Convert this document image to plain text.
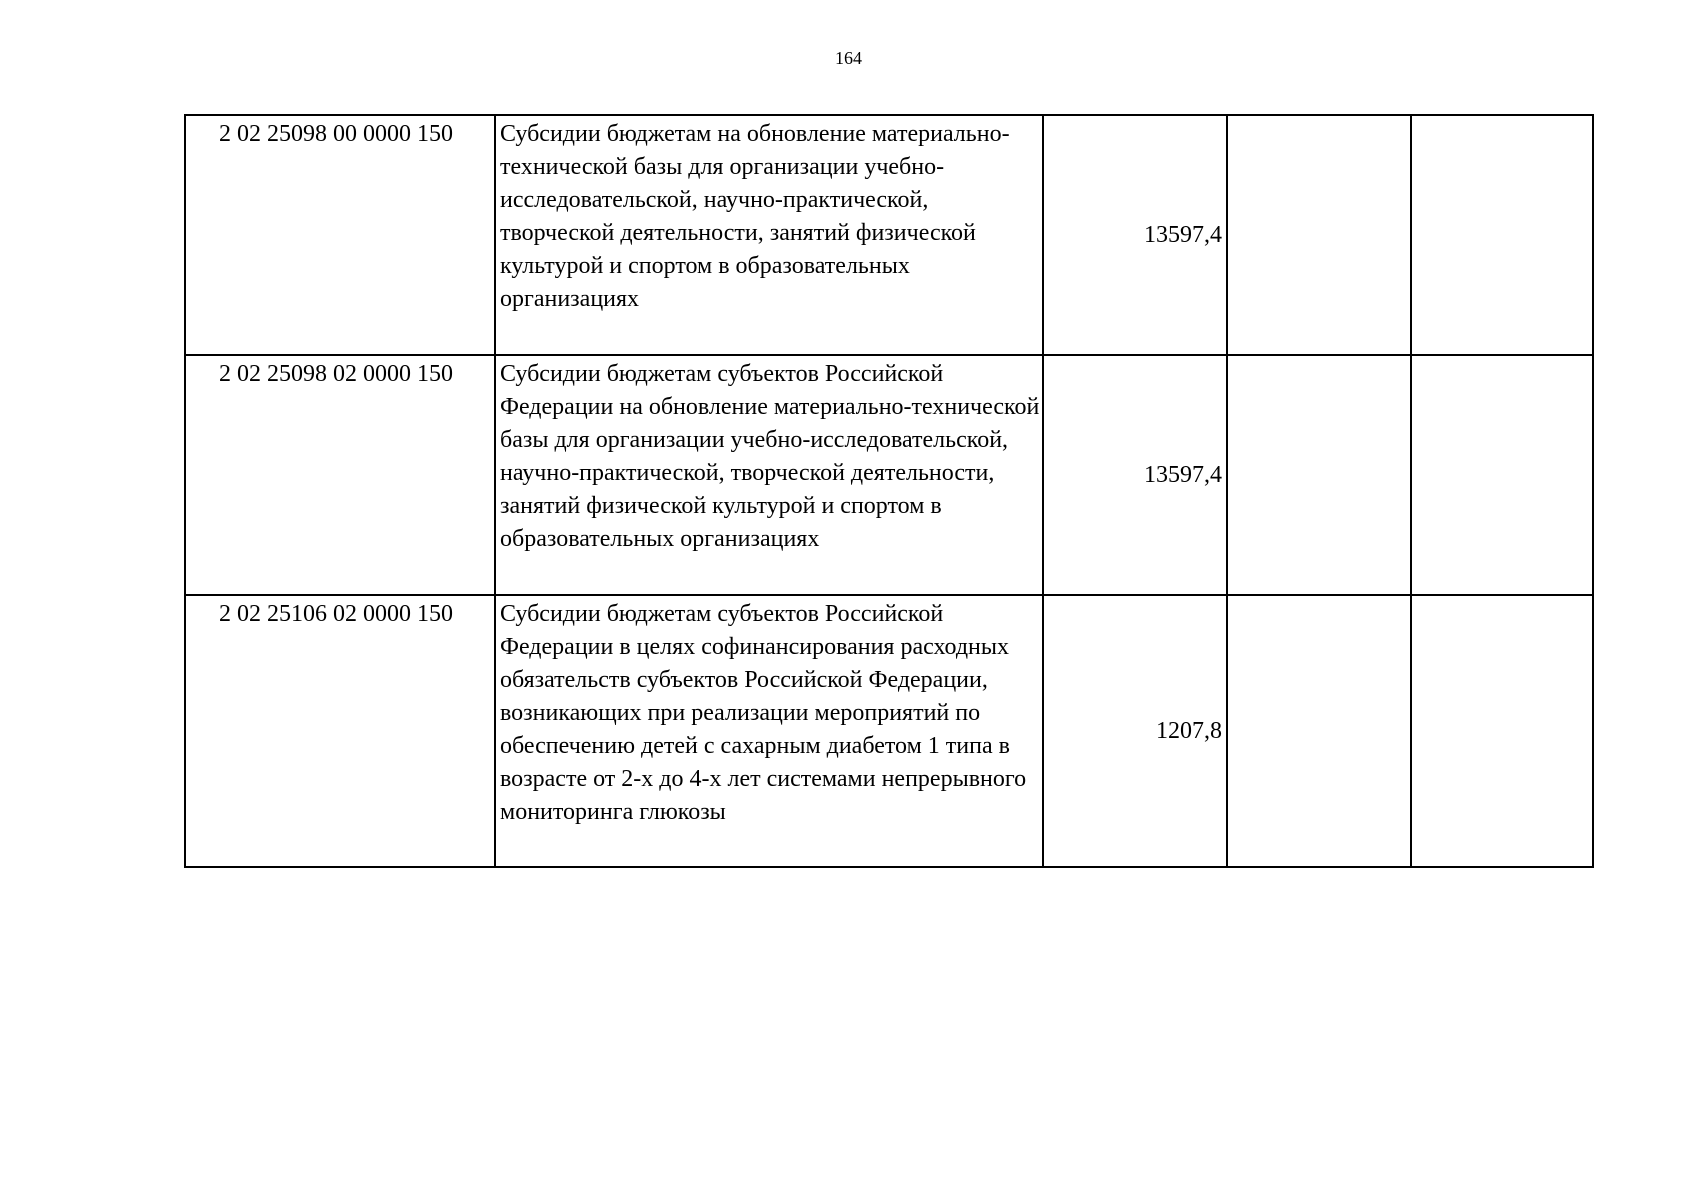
164
2 02 25098 00 0000 150	Субсидии бюджетам на обновление материально-технической базы для организации учебно-исследовательской, научно-практической, творческой деятельности, занятий физической культурой и спортом в образовательных организациях	13597,4		
2 02 25098 02 0000 150	Субсидии бюджетам субъектов Российской Федерации на обновление материально-технической базы для организации учебно-исследовательской, научно-практической, творческой деятельности, занятий физической культурой и спортом в образовательных организациях	13597,4		
2 02 25106 02 0000 150	Субсидии бюджетам субъектов Российской Федерации в целях софинансирования расходных обязательств субъектов Российской Федерации, возникающих при реализации мероприятий по обеспечению детей с сахарным диабетом 1 типа в возрасте от 2-х до 4-х лет системами непрерывного мониторинга глюкозы	1207,8		
